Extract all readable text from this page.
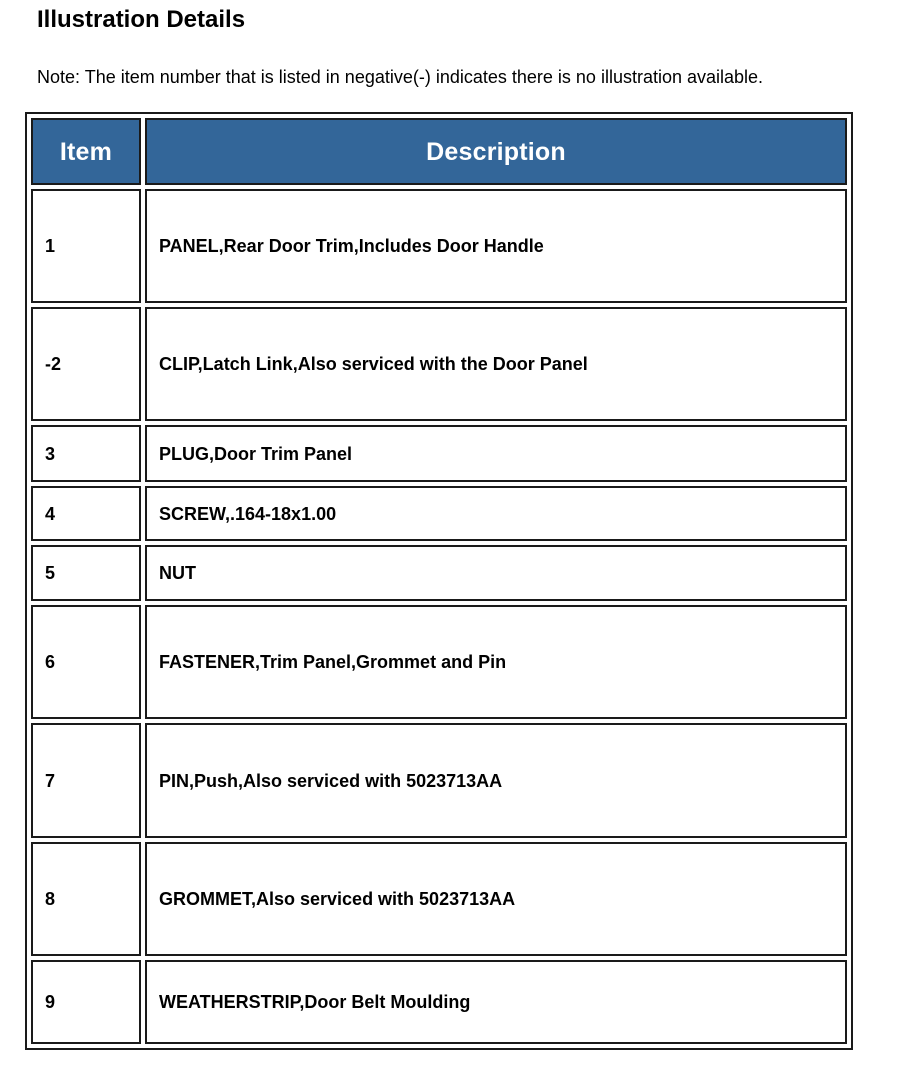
Illustration Details

Note: The item number that is listed in negative(-) indicates there is no illustration available.

Item	Description
1	PANEL,Rear Door Trim,Includes Door Handle
-2	CLIP,Latch Link,Also serviced with the Door Panel
3	PLUG,Door Trim Panel
4	SCREW,.164-18x1.00
5	NUT
6	FASTENER,Trim Panel,Grommet and Pin
7	PIN,Push,Also serviced with 5023713AA
8	GROMMET,Also serviced with 5023713AA
9	WEATHERSTRIP,Door Belt Moulding
